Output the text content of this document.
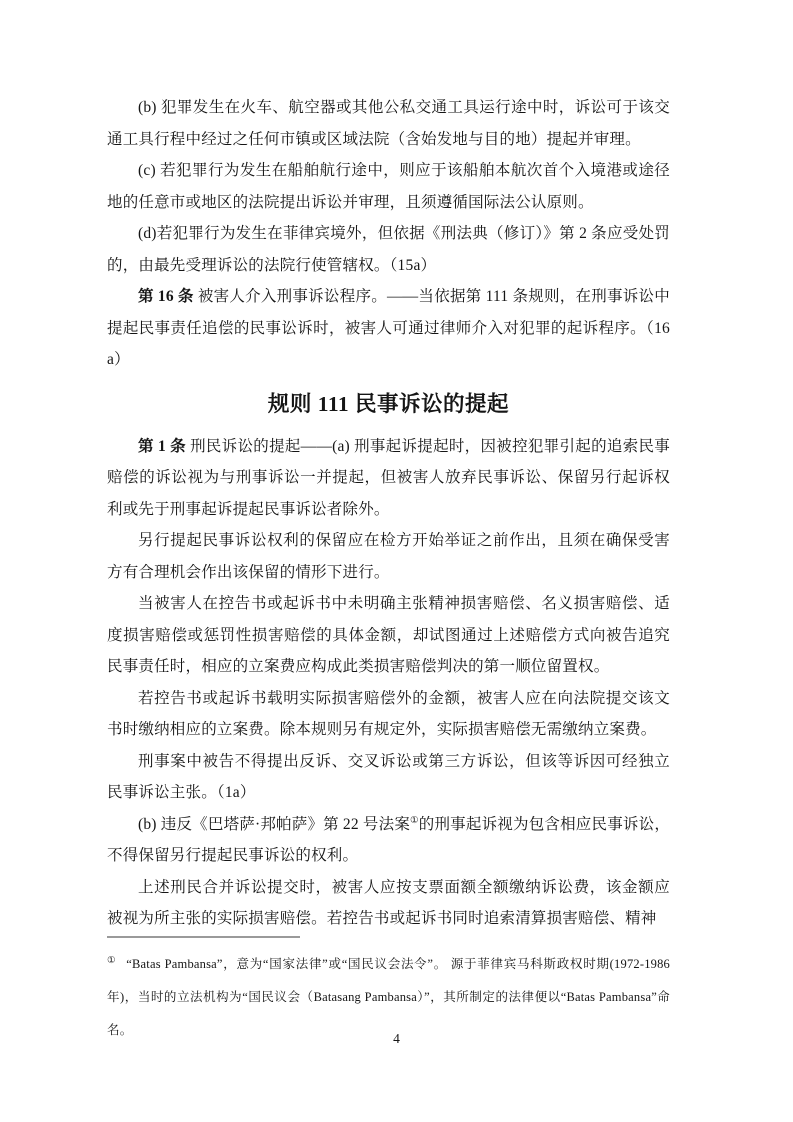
(b) 犯罪发生在火车、航空器或其他公私交通工具运行途中时，诉讼可于该交通工具行程中经过之任何市镇或区域法院（含始发地与目的地）提起并审理。

(c) 若犯罪行为发生在船舶航行途中，则应于该船舶本航次首个入境港或途径地的任意市或地区的法院提出诉讼并审理，且须遵循国际法公认原则。

(d)若犯罪行为发生在菲律宾境外，但依据《刑法典（修订）》第 2 条应受处罚的，由最先受理诉讼的法院行使管辖权。（15a）

第 16 条 被害人介入刑事诉讼程序。——当依据第 111 条规则，在刑事诉讼中提起民事责任追偿的民事讼诉时，被害人可通过律师介入对犯罪的起诉程序。（16a）

规则 111 民事诉讼的提起

第 1 条 刑民诉讼的提起——(a) 刑事起诉提起时，因被控犯罪引起的追索民事赔偿的诉讼视为与刑事诉讼一并提起，但被害人放弃民事诉讼、保留另行起诉权利或先于刑事起诉提起民事诉讼者除外。

另行提起民事诉讼权利的保留应在检方开始举证之前作出，且须在确保受害方有合理机会作出该保留的情形下进行。

当被害人在控告书或起诉书中未明确主张精神损害赔偿、名义损害赔偿、适度损害赔偿或惩罚性损害赔偿的具体金额，却试图通过上述赔偿方式向被告追究民事责任时，相应的立案费应构成此类损害赔偿判决的第一顺位留置权。

若控告书或起诉书载明实际损害赔偿外的金额，被害人应在向法院提交该文书时缴纳相应的立案费。除本规则另有规定外，实际损害赔偿无需缴纳立案费。

刑事案中被告不得提出反诉、交叉诉讼或第三方诉讼，但该等诉因可经独立民事诉讼主张。（1a）

(b) 违反《巴塔萨·邦帕萨》第 22 号法案①的刑事起诉视为包含相应民事诉讼，不得保留另行提起民事诉讼的权利。

上述刑民合并诉讼提交时，被害人应按支票面额全额缴纳诉讼费，该金额应被视为所主张的实际损害赔偿。若控告书或起诉书同时追索清算损害赔偿、精神

① “Batas Pambansa”，意为“国家法律”或“国民议会法令”。 源于菲律宾马科斯政权时期(1972-1986 年)，当时的立法机构为“国民议会（Batasang Pambansa）”，其所制定的法律便以“Batas Pambansa”命名。

4
